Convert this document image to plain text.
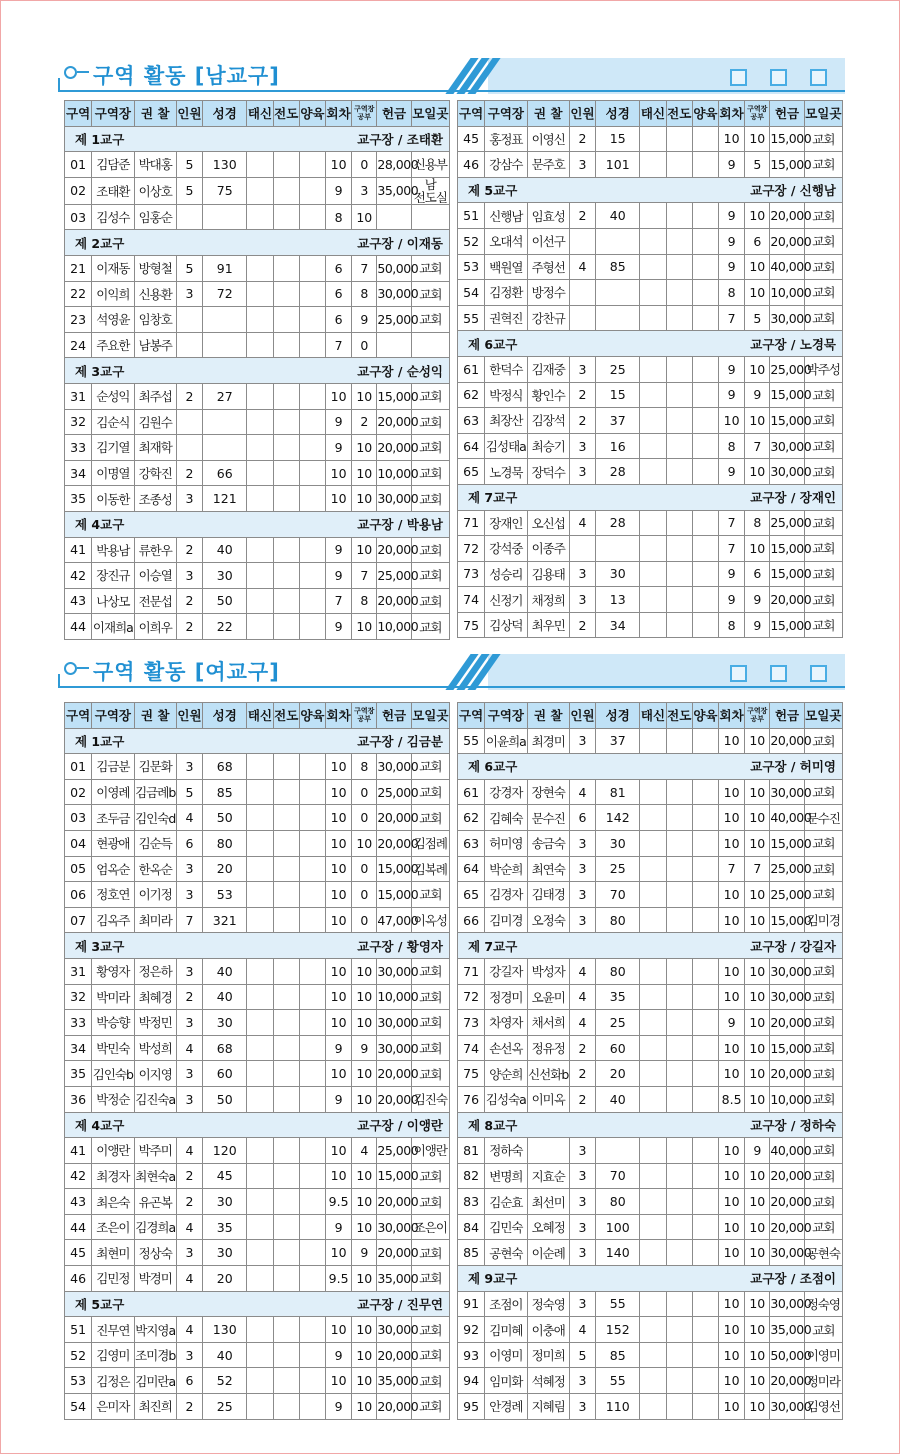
구역 활동 [남교구]
구역 활동 [여교구]
구역	구역장	권 찰	인원	성경	태신	전도	양육	회차	구역장 공부	헌금	모일곳

제 1교구 교구장 / 조태환											

01	김담준	박대홍	5	130				10	0	28,000	신용부
02	조태환	이상호	5	75				9	3	35,000	남
전도실
03	김성수	임홍순						8	10		

제 2교구 교구장 / 이재동											

21	이재동	방형철	5	91				6	7	50,000	교회
22	이익희	신용환	3	72				6	8	30,000	교회
23	석영윤	임창호						6	9	25,000	교회
24	주요한	남봉주						7	0		

제 3교구 교구장 / 순성익											

31	순성익	최주섭	2	27				10	10	15,000	교회
32	김순식	김원수						9	2	20,000	교회
33	김기열	최재학						9	10	20,000	교회
34	이명열	강학진	2	66				10	10	10,000	교회
35	이동한	조종성	3	121				10	10	30,000	교회

제 4교구 교구장 / 박용남											

41	박용남	류한우	2	40				9	10	20,000	교회
42	장진규	이승열	3	30				9	7	25,000	교회
43	나상모	전문섭	2	50				7	8	20,000	교회
44	이재희a	이희우	2	22				9	10	10,000	교회
구역	구역장	권 찰	인원	성경	태신	전도	양육	회차	구역장 공부	헌금	모일곳
45	홍정표	이영신	2	15				10	10	15,000	교회
46	강삼수	문주호	3	101				9	5	15,000	교회

제 5교구 교구장 / 신행남											

51	신행남	임효성	2	40				9	10	20,000	교회
52	오대석	이선구						9	6	20,000	교회
53	백원열	주형선	4	85				9	10	40,000	교회
54	김정환	방정수						8	10	10,000	교회
55	권혁진	강찬규						7	5	30,000	교회

제 6교구 교구장 / 노경묵											

61	한덕수	김재중	3	25				9	10	25,000	박주성
62	박정식	황인수	2	15				9	9	15,000	교회
63	최장산	김장석	2	37				10	10	15,000	교회
64	김성태a	최승기	3	16				8	7	30,000	교회
65	노경묵	장덕수	3	28				9	10	30,000	교회

제 7교구 교구장 / 장재인											

71	장재인	오신섭	4	28				7	8	25,000	교회
72	강석중	이종주						7	10	15,000	교회
73	성승리	김용태	3	30				9	6	15,000	교회
74	신정기	채정희	3	13				9	9	20,000	교회
75	김상덕	최우민	2	34				8	9	15,000	교회
구역	구역장	권 찰	인원	성경	태신	전도	양육	회차	구역장 공부	헌금	모일곳

제 1교구 교구장 / 김금분											

01	김금분	김문화	3	68				10	8	30,000	교회
02	이영례	김금례b	5	85				10	0	25,000	교회
03	조두금	김인숙d	4	50				10	0	20,000	교회
04	현광애	김순득	6	80				10	10	20,000	김점례
05	엄옥순	한옥순	3	20				10	0	15,000	김복례
06	정호연	이기정	3	53				10	0	15,000	교회
07	김옥주	최미라	7	321				10	0	47,000	이옥성

제 3교구 교구장 / 황영자											

31	황영자	정은하	3	40				10	10	30,000	교회
32	박미라	최혜경	2	40				10	10	10,000	교회
33	박승향	박정민	3	30				10	10	30,000	교회
34	박민숙	박성희	4	68				9	9	30,000	교회
35	김인숙b	이지영	3	60				10	10	20,000	교회
36	박정순	김진숙a	3	50				9	10	20,000	김진숙

제 4교구 교구장 / 이앵란											

41	이앵란	박주미	4	120				10	4	25,000	이앵란
42	최경자	최현숙a	2	45				10	10	15,000	교회
43	최은숙	유곤복	2	30				9.5	10	20,000	교회
44	조은이	김경희a	4	35				9	10	30,000	조은이
45	최현미	정상숙	3	30				10	9	20,000	교회
46	김민정	박경미	4	20				9.5	10	35,000	교회

제 5교구 교구장 / 진무연											

51	진무연	박지영a	4	130				10	10	30,000	교회
52	김영미	조미경b	3	40				9	10	20,000	교회
53	김정은	김미란a	6	52				10	10	35,000	교회
54	은미자	최진희	2	25				9	10	20,000	교회
구역	구역장	권 찰	인원	성경	태신	전도	양육	회차	구역장 공부	헌금	모일곳
55	이윤희a	최경미	3	37				10	10	20,000	교회

제 6교구 교구장 / 허미영											

61	강경자	장현숙	4	81				10	10	30,000	교회
62	김혜숙	문수진	6	142				10	10	40,000	문수진
63	허미영	송금숙	3	30				10	10	15,000	교회
64	박순희	최연숙	3	25				7	7	25,000	교회
65	김경자	김태경	3	70				10	10	25,000	교회
66	김미경	오정숙	3	80				10	10	15,000	김미경

제 7교구 교구장 / 강길자											

71	강길자	박성자	4	80				10	10	30,000	교회
72	정경미	오윤미	4	35				10	10	30,000	교회
73	차영자	채서희	4	25				9	10	20,000	교회
74	손선옥	정유정	2	60				10	10	15,000	교회
75	양순희	신선화b	2	20				10	10	20,000	교회
76	김성숙a	이미옥	2	40				8.5	10	10,000	교회

제 8교구 교구장 / 정하숙											

81	정하숙		3					10	9	40,000	교회
82	변명희	지효순	3	70				10	10	20,000	교회
83	김순효	최선미	3	80				10	10	20,000	교회
84	김민숙	오혜정	3	100				10	10	20,000	교회
85	공현숙	이순례	3	140				10	10	30,000	공현숙

제 9교구 교구장 / 조점이											

91	조점이	정숙영	3	55				10	10	30,000	정숙영
92	김미혜	이충애	4	152				10	10	35,000	교회
93	이영미	정미희	5	85				10	10	50,000	이영미
94	임미화	석혜정	3	55				10	10	20,000	정미라
95	안경례	지혜림	3	110				10	10	30,000	김영선
